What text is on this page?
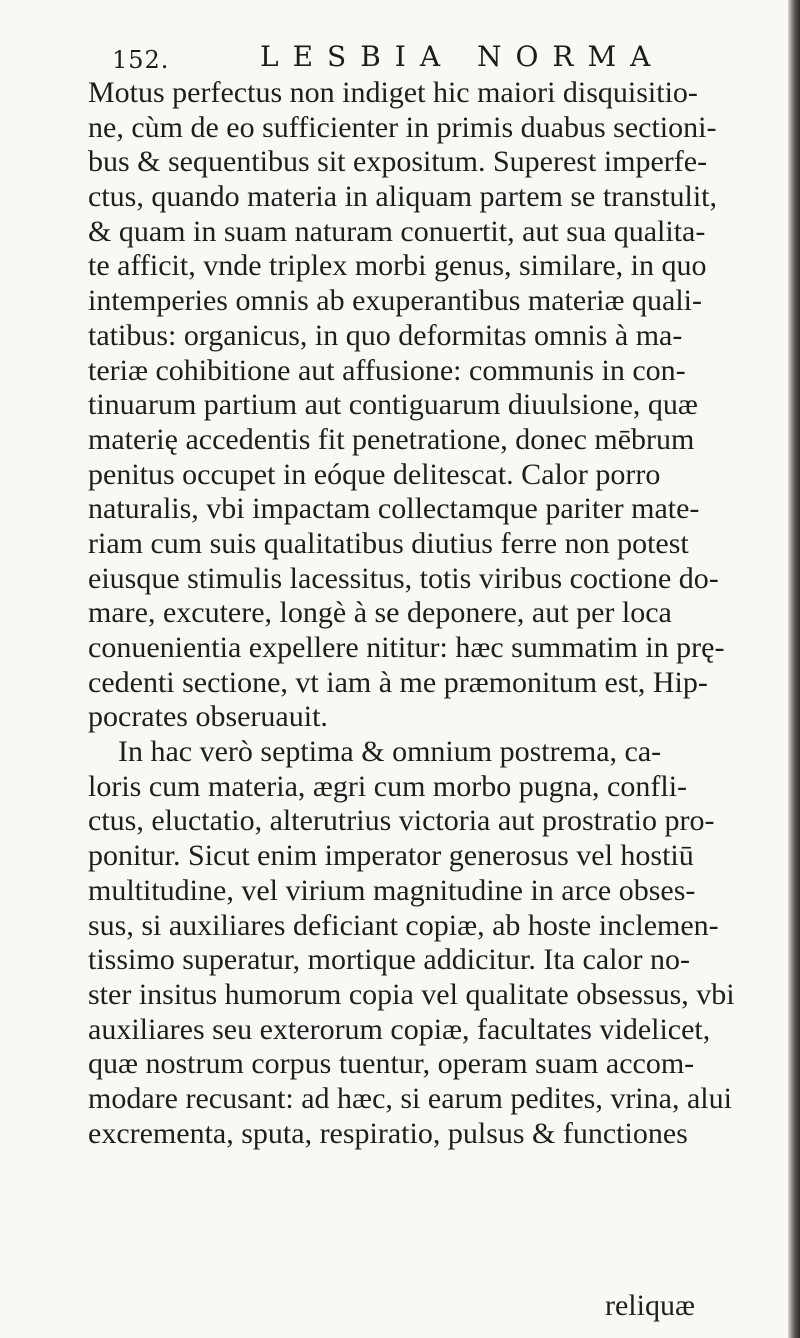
152.	LESBIA NORMA
Motus perfectus non indiget hic maiori disquisitio-
ne, cùm de eo sufficienter in primis duabus sectioni-
bus & sequentibus sit expositum. Superest imperfe-
ctus, quando materia in aliquam partem se transtulit,
& quam in suam naturam conuertit, aut sua qualita-
te afficit, vnde triplex morbi genus, similare, in quo
intemperies omnis ab exuperantibus materiæ quali-
tatibus: organicus, in quo deformitas omnis à ma-
teriæ cohibitione aut affusione: communis in con-
tinuarum partium aut contiguarum diuulsione, quæ
materię accedentis fit penetratione, donec mēbrum
penitus occupet in eóque delitescat. Calor porro
naturalis, vbi impactam collectamque pariter mate-
riam cum suis qualitatibus diutius ferre non potest
eiusque stimulis lacessitus, totis viribus coctione do-
mare, excutere, longè à se deponere, aut per loca
conuenientia expellere nititur: hæc summatim in prę-
cedenti sectione, vt iam à me præmonitum est, Hip-
pocrates obseruauit.
In hac verò septima & omnium postrema, ca-
loris cum materia, ægri cum morbo pugna, confli-
ctus, eluctatio, alterutrius victoria aut prostratio pro-
ponitur. Sicut enim imperator generosus vel hostiū
multitudine, vel virium magnitudine in arce obses-
sus, si auxiliares deficiant copiæ, ab hoste inclemen-
tissimo superatur, mortique addicitur. Ita calor no-
ster insitus humorum copia vel qualitate obsessus, vbi
auxiliares seu exterorum copiæ, facultates videlicet,
quæ nostrum corpus tuentur, operam suam accom-
modare recusant: ad hæc, si earum pedites, vrina, alui
excrementa, sputa, respiratio, pulsus & functiones
reliquæ
